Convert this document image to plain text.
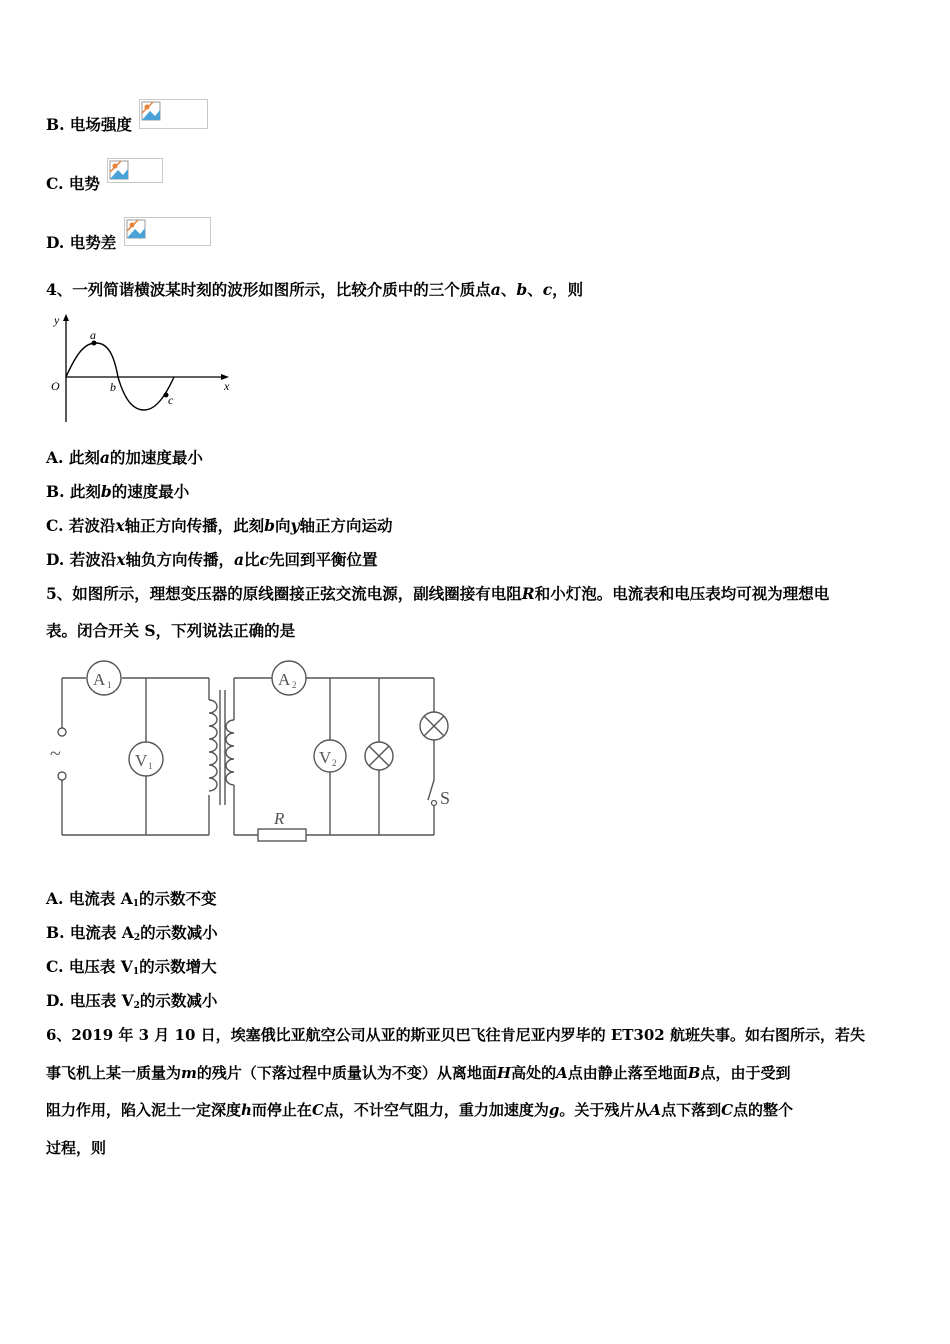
B. 电场强度
C. 电势
D. 电势差
4、一列简谐横波某时刻的波形如图所示，比较介质中的三个质点a、b、c，则
y
x
O
a
b
c
A. 此刻a的加速度最小
B. 此刻b的速度最小
C. 若波沿x轴正方向传播，此刻b向y轴正方向运动
D. 若波沿x轴负方向传播，a比c先回到平衡位置
5、如图所示，理想变压器的原线圈接正弦交流电源，副线圈接有电阻R和小灯泡。电流表和电压表均可视为理想电
表。闭合开关 S，下列说法正确的是
~
A 1
V 1
A 2
V 2
R
S
A. 电流表 $A_1$的示数不变
B. 电流表 $A_2$的示数减小
C. 电压表 $V_1$的示数增大
D. 电压表 $V_2$的示数减小
6、2019 年 3 月 10 日，埃塞俄比亚航空公司从亚的斯亚贝巴飞往肯尼亚内罗毕的 ET302 航班失事。如右图所示，若失
事飞机上某一质量为m的残片（下落过程中质量认为不变）从离地面H高处的A点由静止落至地面B点，由于受到
阻力作用，陷入泥土一定深度h而停止在C点，不计空气阻力，重力加速度为g。关于残片从A点下落到C点的整个
过程，则
